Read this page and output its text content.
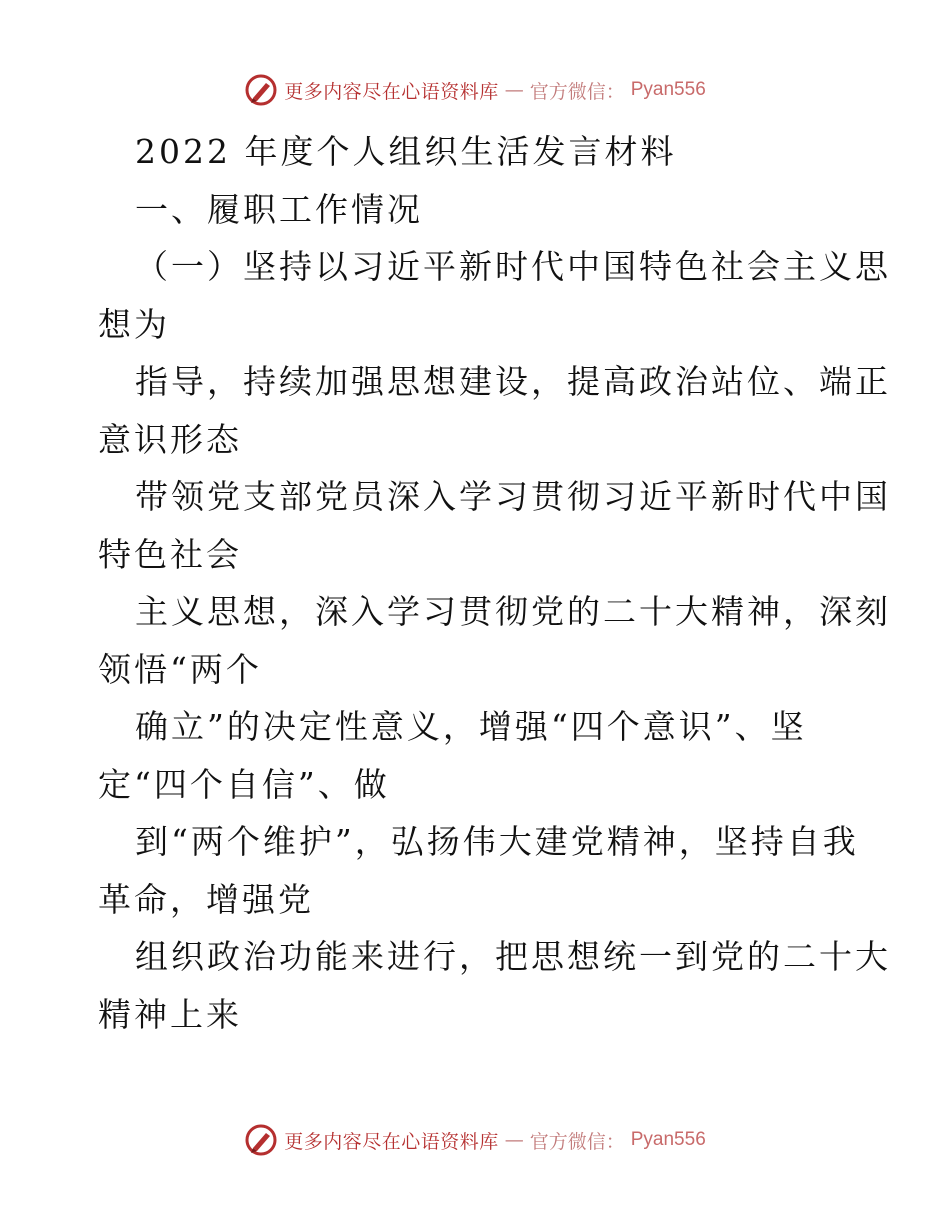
更多内容尽在心语资料库 — 官方微信： Pyan556
2022 年度个人组织生活发言材料
一、履职工作情况
（一）坚持以习近平新时代中国特色社会主义思
想为
指导，持续加强思想建设，提高政治站位、端正
意识形态
带领党支部党员深入学习贯彻习近平新时代中国
特色社会
主义思想，深入学习贯彻党的二十大精神，深刻
领悟“两个
确立”的决定性意义，增强“四个意识”、坚
定“四个自信”、做
到“两个维护”，弘扬伟大建党精神，坚持自我
革命，增强党
组织政治功能来进行，把思想统一到党的二十大
精神上来
更多内容尽在心语资料库 — 官方微信： Pyan556
